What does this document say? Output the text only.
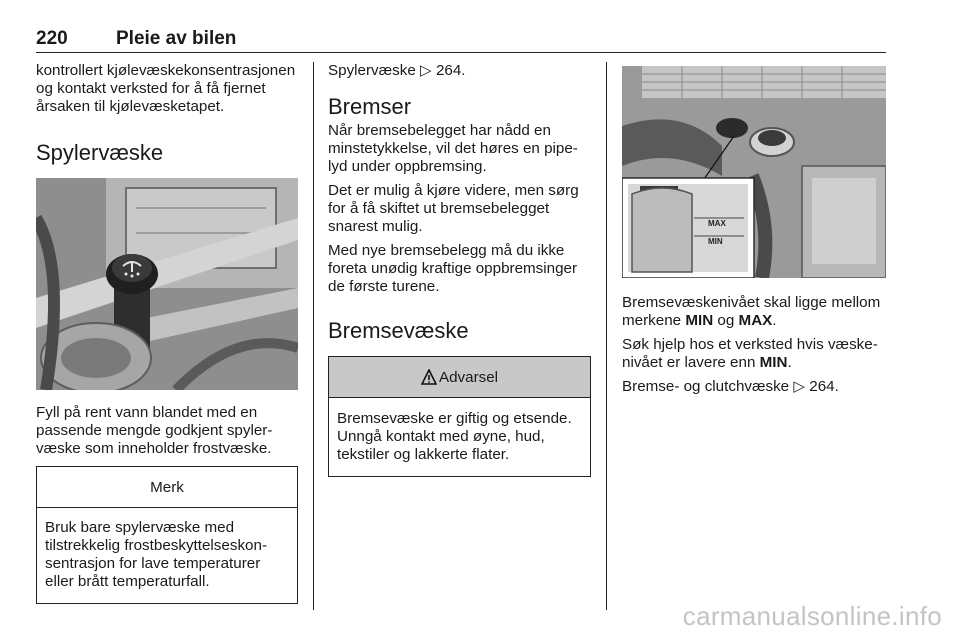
220	Pleie av bilen

kontrollert kjølevæskekonsentrasjonen og kontakt verksted for å få fjernet årsaken til kjølevæsketapet.

Spylervæske

Fyll på rent vann blandet med en passende mengde godkjent spylervæske som inneholder frostvæske.

Merk

Bruk bare spylervæske med tilstrekkelig frostbeskyttelseskonsentrasjon for lave temperaturer eller brått temperaturfall.

Spylervæske ▷ 264.

Bremser

Når bremsebelegget har nådd en minstetykkelse, vil det høres en pipelyd under oppbremsing.

Det er mulig å kjøre videre, men sørg for å få skiftet ut bremsebelegget snarest mulig.

Med nye bremsebelegg må du ikke foreta unødig kraftige oppbremsinger de første turene.

Bremsevæske
Advarsel

Bremsevæske er giftig og etsende. Unngå kontakt med øyne, hud, tekstiler og lakkerte flater.

MAX
MIN

Bremsevæskenivået skal ligge mellom merkene MIN og MAX.

Søk hjelp hos et verksted hvis væskenivået er lavere enn MIN.

Bremse- og clutchvæske ▷ 264.

carmanualsonline.info
